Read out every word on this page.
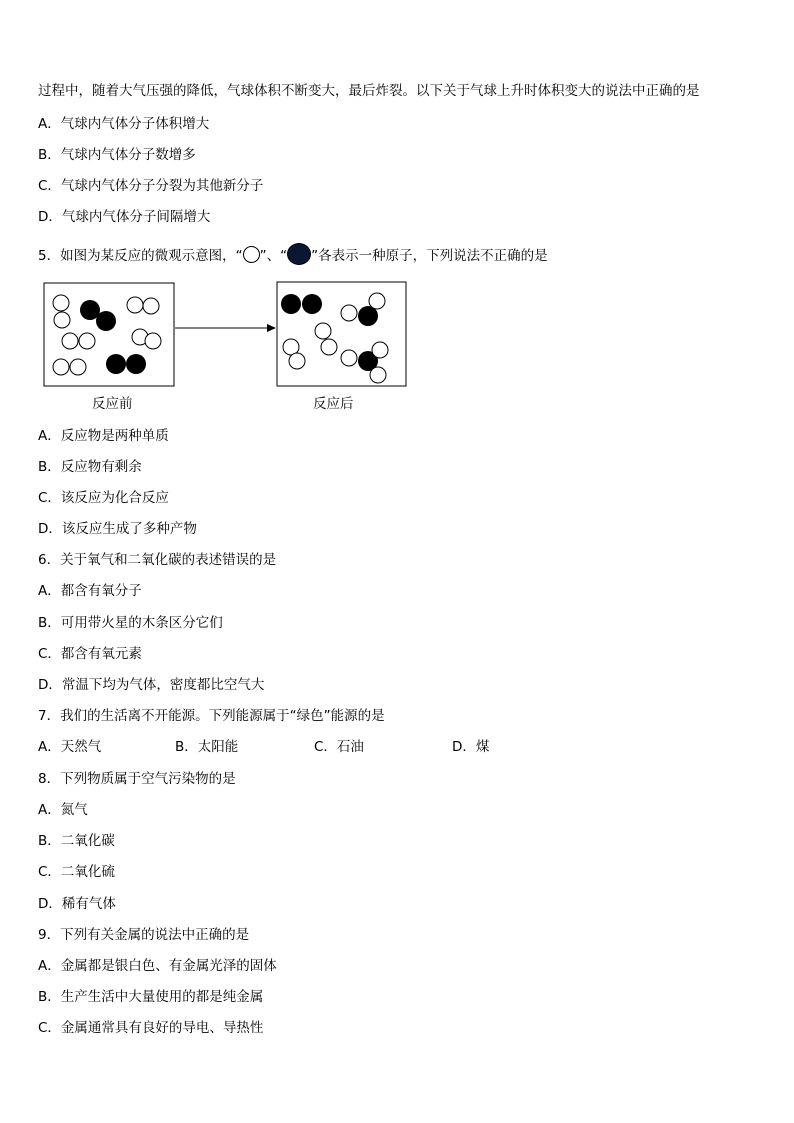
过程中，随着大气压强的降低，气球体积不断变大，最后炸裂。以下关于气球上升时体积变大的说法中正确的是
A．气球内气体分子体积增大
B．气球内气体分子数增多
C．气球内气体分子分裂为其他新分子
D．气球内气体分子间隔增大
5．如图为某反应的微观示意图，“ ”、“ ”各表示一种原子，下列说法不正确的是
反应前	反应后
A．反应物是两种单质
B．反应物有剩余
C．该反应为化合反应
D．该反应生成了多种产物
6．关于氧气和二氧化碳的表述错误的是
A．都含有氧分子
B．可用带火星的木条区分它们
C．都含有氧元素
D．常温下均为气体，密度都比空气大
7．我们的生活离不开能源。下列能源属于“绿色”能源的是
A．天然气	B．太阳能	C．石油	D．煤
8．下列物质属于空气污染物的是
A．氮气
B．二氧化碳
C．二氧化硫
D．稀有气体
9．下列有关金属的说法中正确的是
A．金属都是银白色、有金属光泽的固体
B．生产生活中大量使用的都是纯金属
C．金属通常具有良好的导电、导热性
